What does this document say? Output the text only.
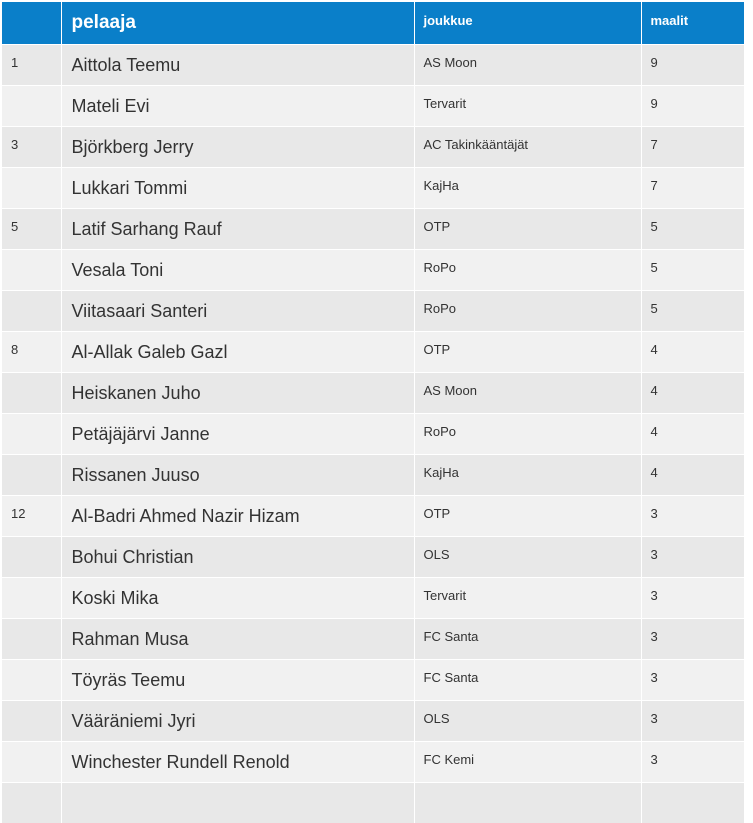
	pelaaja	joukkue	maalit
1	Aittola Teemu	AS Moon	9
	Mateli Evi	Tervarit	9
3	Björkberg Jerry	AC Takinkääntäjät	7
	Lukkari Tommi	KajHa	7
5	Latif Sarhang Rauf	OTP	5
	Vesala Toni	RoPo	5
	Viitasaari Santeri	RoPo	5
8	Al-Allak Galeb Gazl	OTP	4
	Heiskanen Juho	AS Moon	4
	Petäjäjärvi Janne	RoPo	4
	Rissanen Juuso	KajHa	4
12	Al-Badri Ahmed Nazir Hizam	OTP	3
	Bohui Christian	OLS	3
	Koski Mika	Tervarit	3
	Rahman Musa	FC Santa	3
	Töyräs Teemu	FC Santa	3
	Vääräniemi Jyri	OLS	3
	Winchester Rundell Renold	FC Kemi	3
